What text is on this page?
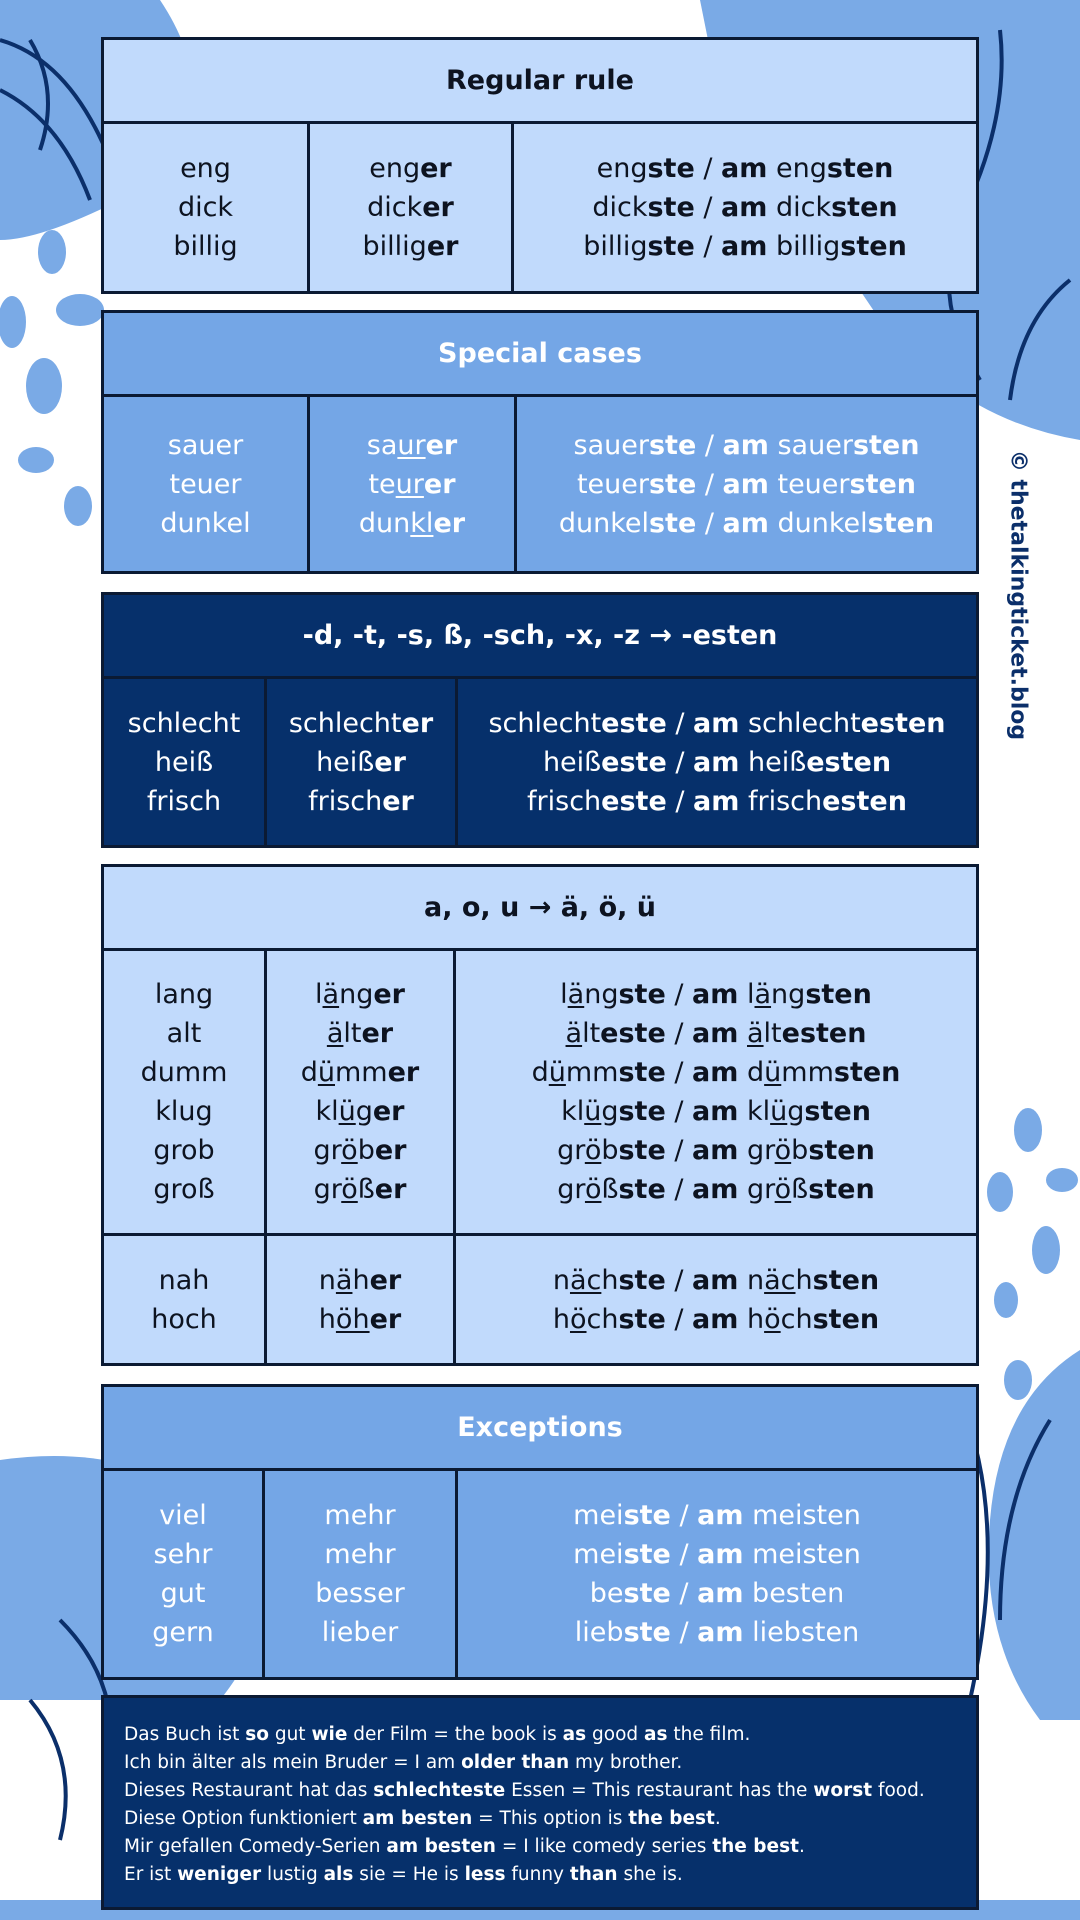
© thetalkingticket.blog
Regular rule
eng
dick
billig
enger
dicker
billiger
engste / am engsten
dickste / am dicksten
billigste / am billigsten
Special cases
sauer
teuer
dunkel
saurer
teurer
dunkler
sauerste / am sauersten
teuerste / am teuersten
dunkelste / am dunkelsten
-d, -t, -s, ß, -sch, -x, -z → -esten
schlecht
heiß
frisch
schlechter
heißer
frischer
schlechteste / am schlechtesten
heißeste / am heißesten
frischeste / am frischesten
a, o, u → ä, ö, ü
lang
alt
dumm
klug
grob
groß
länger
älter
dümmer
klüger
gröber
größer
längste / am längsten
älteste / am ältesten
dümmste / am dümmsten
klügste / am klügsten
gröbste / am gröbsten
größste / am größsten
nah
hoch
näher
höher
nächste / am nächsten
höchste / am höchsten
Exceptions
viel
sehr
gut
gern
mehr
mehr
besser
lieber
meiste / am meisten
meiste / am meisten
beste / am besten
liebste / am liebsten
Das Buch ist so gut wie der Film = the book is as good as the film.
Ich bin älter als mein Bruder = I am older than my brother.
Dieses Restaurant hat das schlechteste Essen = This restaurant has the worst food.
Diese Option funktioniert am besten = This option is the best.
Mir gefallen Comedy-Serien am besten = I like comedy series the best.
Er ist weniger lustig als sie = He is less funny than she is.
